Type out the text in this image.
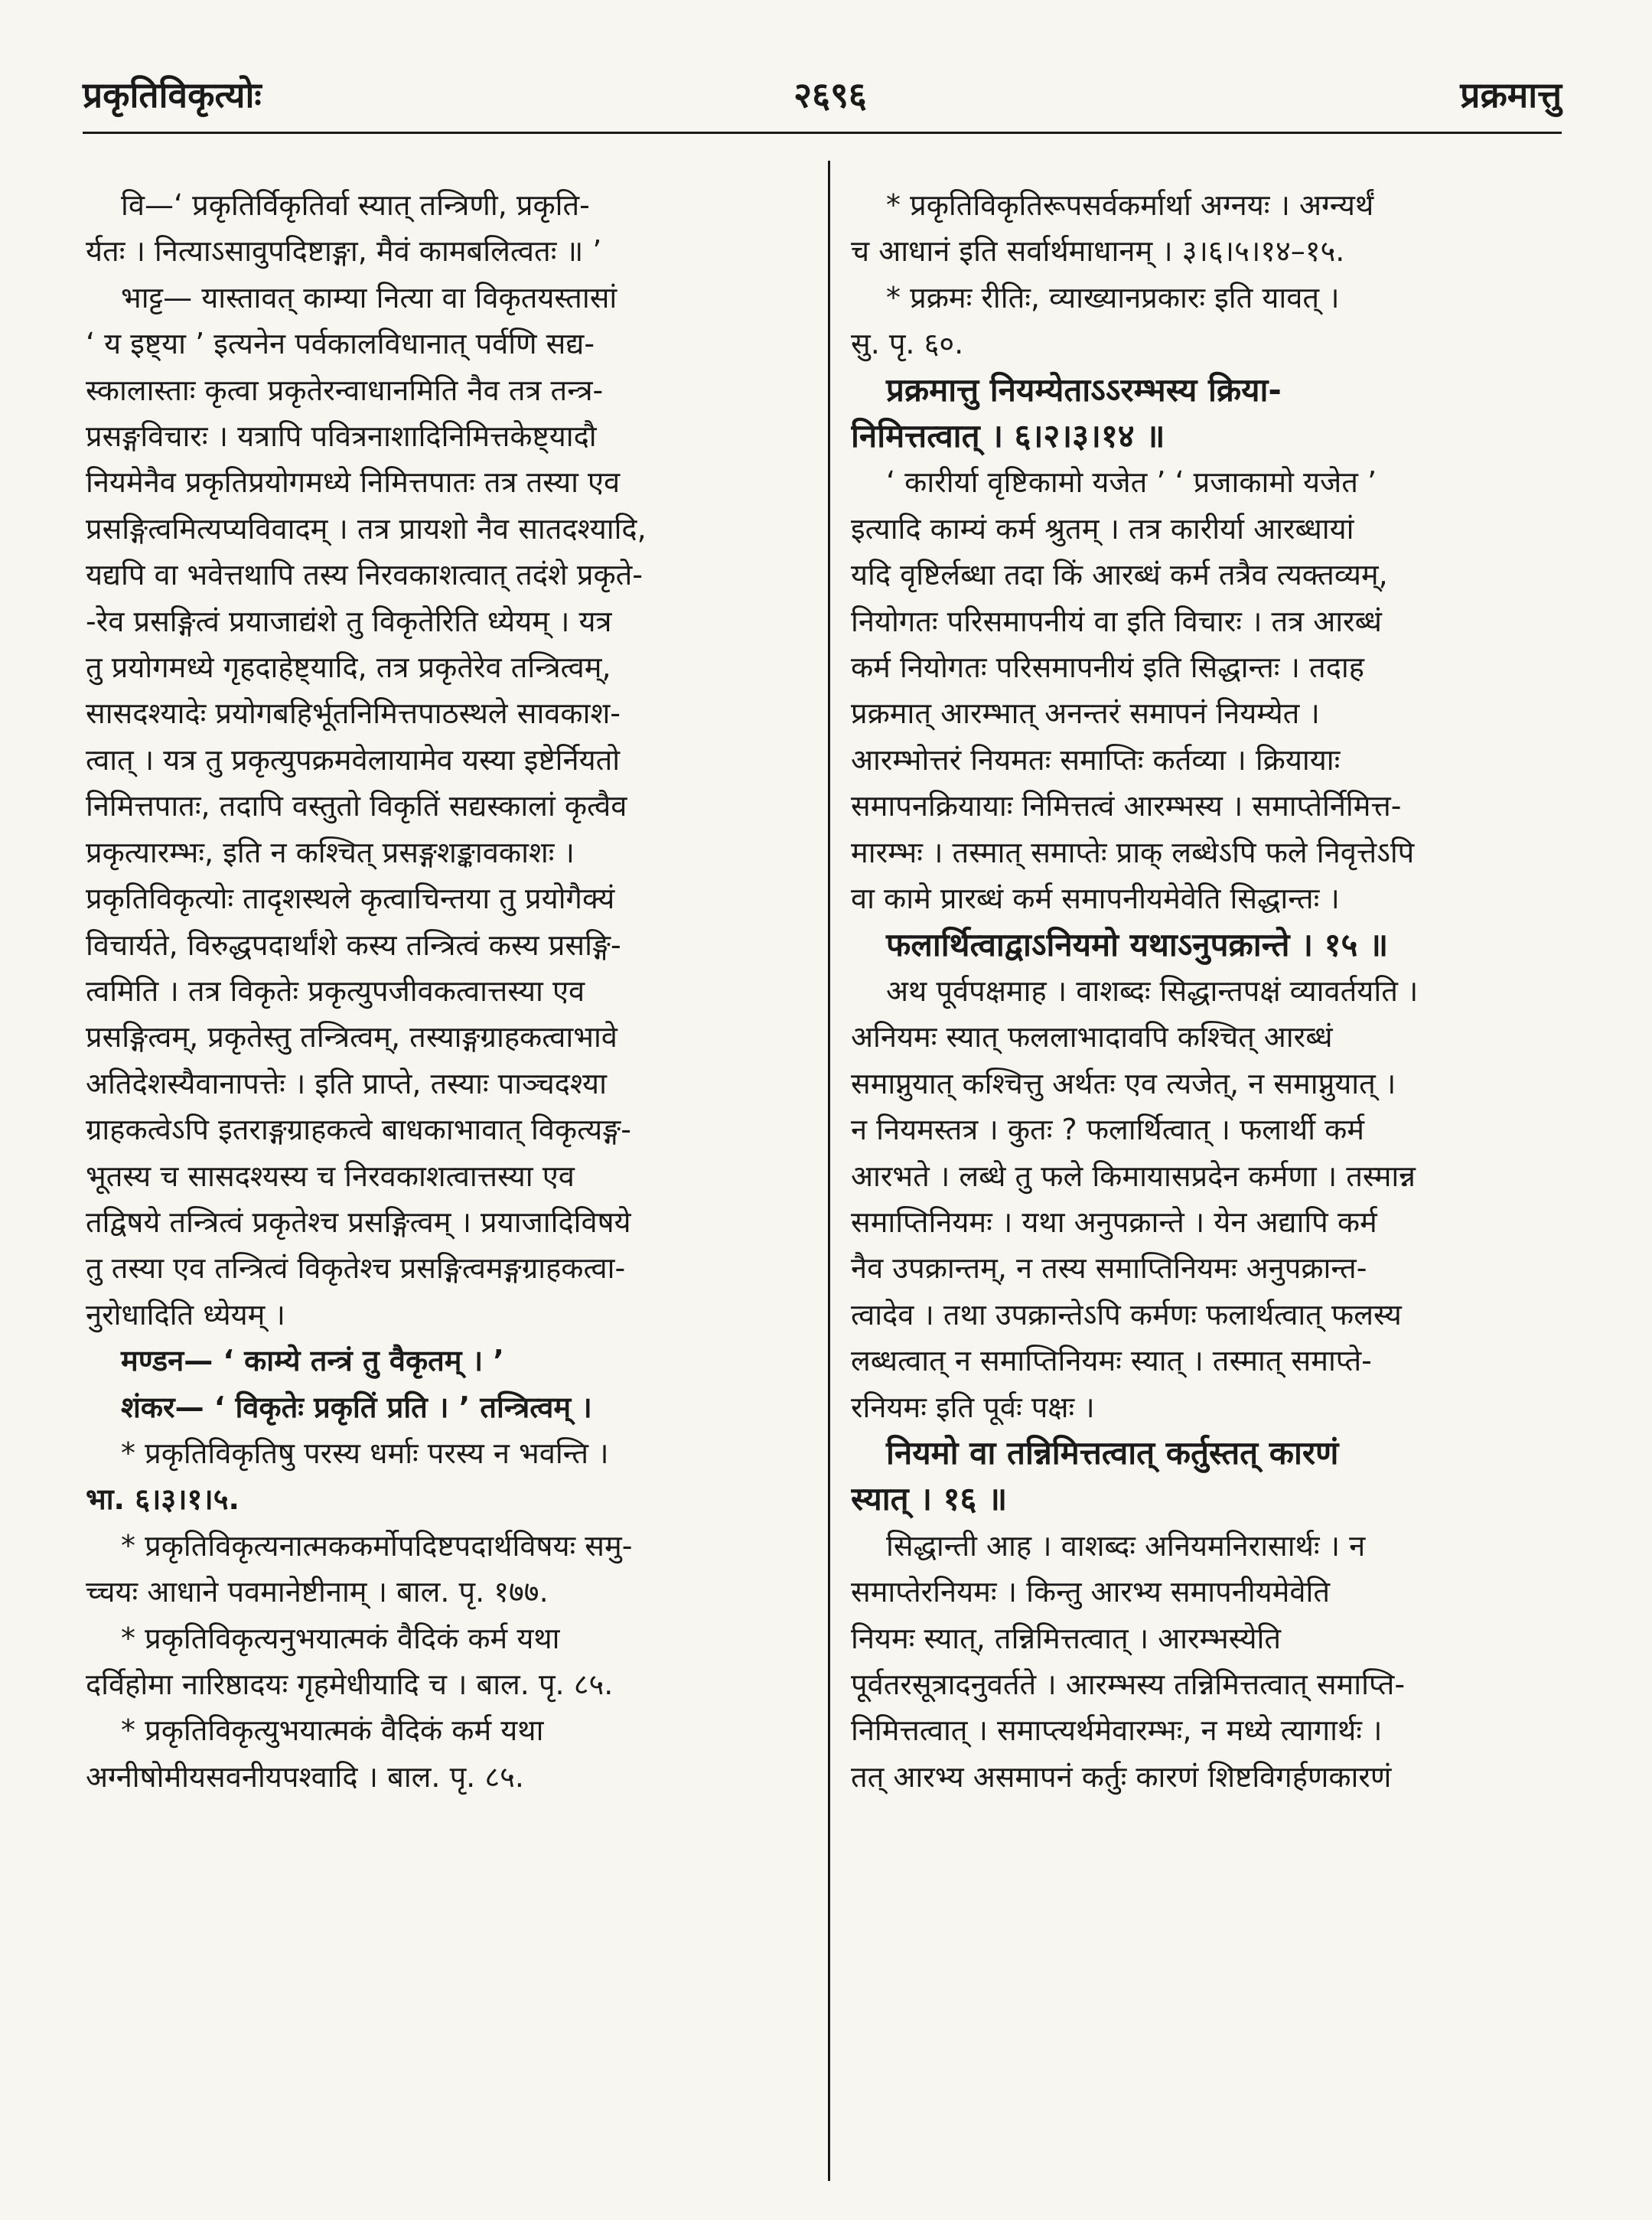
प्रकृतिविकृत्योः	२६९६	प्रक्रमात्तु

वि—‘ प्रकृतिर्विकृतिर्वा स्यात् तन्त्रिणी, प्रकृति-

र्यतः । नित्याऽसावुपदिष्टाङ्गा, मैवं कामबलित्वतः ॥ ’

भाट्ट— यास्तावत् काम्या नित्या वा विकृतयस्तासां

‘ य इष्ट्या ’ इत्यनेन पर्वकालविधानात् पर्वणि सद्य-

स्कालास्ताः कृत्वा प्रकृतेरन्वाधानमिति नैव तत्र तन्त्र-

प्रसङ्गविचारः । यत्रापि पवित्रनाशादिनिमित्तकेष्ट्यादौ

नियमेनैव प्रकृतिप्रयोगमध्ये निमित्तपातः तत्र तस्या एव

प्रसङ्गित्वमित्यप्यविवादम् । तत्र प्रायशो नैव सातदश्यादि,

यद्यपि वा भवेत्तथापि तस्य निरवकाशत्वात् तदंशे प्रकृते-

-रेव प्रसङ्गित्वं प्रयाजाद्यंशे तु विकृतेरिति ध्येयम् । यत्र

तु प्रयोगमध्ये गृहदाहेष्ट्यादि, तत्र प्रकृतेरेव तन्त्रित्वम्,

सासदश्यादेः प्रयोगबहिर्भूतनिमित्तपाठस्थले सावकाश-

त्वात् । यत्र तु प्रकृत्युपक्रमवेलायामेव यस्या इष्टेर्नियतो

निमित्तपातः, तदापि वस्तुतो विकृतिं सद्यस्कालां कृत्वैव

प्रकृत्यारम्भः, इति न कश्चित् प्रसङ्गशङ्कावकाशः ।

प्रकृतिविकृत्योः तादृशस्थले कृत्वाचिन्तया तु प्रयोगैक्यं

विचार्यते, विरुद्धपदार्थांशे कस्य तन्त्रित्वं कस्य प्रसङ्गि-

त्वमिति । तत्र विकृतेः प्रकृत्युपजीवकत्वात्तस्या एव

प्रसङ्गित्वम्, प्रकृतेस्तु तन्त्रित्वम्, तस्याङ्गग्राहकत्वाभावे

अतिदेशस्यैवानापत्तेः । इति प्राप्ते, तस्याः पाञ्चदश्या

ग्राहकत्वेऽपि इतराङ्गग्राहकत्वे बाधकाभावात् विकृत्यङ्ग-

भूतस्य च सासदश्यस्य च निरवकाशत्वात्तस्या एव

तद्विषये तन्त्रित्वं प्रकृतेश्च प्रसङ्गित्वम् । प्रयाजादिविषये

तु तस्या एव तन्त्रित्वं विकृतेश्च प्रसङ्गित्वमङ्गग्राहकत्वा-

नुरोधादिति ध्येयम् ।

मण्डन— ‘ काम्ये तन्त्रं तु वैकृतम् । ’

शंकर— ‘ विकृतेः प्रकृतिं प्रति । ’ तन्त्रित्वम् ।

* प्रकृतिविकृतिषु परस्य धर्माः परस्य न भवन्ति ।

भा. ६।३।१।५.

* प्रकृतिविकृत्यनात्मककर्मोपदिष्टपदार्थविषयः समु-

च्चयः आधाने पवमानेष्टीनाम् । बाल. पृ. १७७.

* प्रकृतिविकृत्यनुभयात्मकं वैदिकं कर्म यथा

दर्विहोमा नारिष्ठादयः गृहमेधीयादि च । बाल. पृ. ८५.

* प्रकृतिविकृत्युभयात्मकं वैदिकं कर्म यथा

अग्नीषोमीयसवनीयपश्वादि । बाल. पृ. ८५.

* प्रकृतिविकृतिरूपसर्वकर्मार्था अग्नयः । अग्न्यर्थं

च आधानं इति सर्वार्थमाधानम् । ३।६।५।१४–१५.

* प्रक्रमः रीतिः, व्याख्यानप्रकारः इति यावत् ।

सु. पृ. ६०.

प्रक्रमात्तु नियम्येताऽऽरम्भस्य क्रिया-

निमित्तत्वात् । ६।२।३।१४ ॥

‘ कारीर्या वृष्टिकामो यजेत ’ ‘ प्रजाकामो यजेत ’

इत्यादि काम्यं कर्म श्रुतम् । तत्र कारीर्या आरब्धायां

यदि वृष्टिर्लब्धा तदा किं आरब्धं कर्म तत्रैव त्यक्तव्यम्,

नियोगतः परिसमापनीयं वा इति विचारः । तत्र आरब्धं

कर्म नियोगतः परिसमापनीयं इति सिद्धान्तः । तदाह

प्रक्रमात् आरम्भात् अनन्तरं समापनं नियम्येत ।

आरम्भोत्तरं नियमतः समाप्तिः कर्तव्या । क्रियायाः

समापनक्रियायाः निमित्तत्वं आरम्भस्य । समाप्तेर्निमित्त-

मारम्भः । तस्मात् समाप्तेः प्राक् लब्धेऽपि फले निवृत्तेऽपि

वा कामे प्रारब्धं कर्म समापनीयमेवेति सिद्धान्तः ।

फलार्थित्वाद्वाऽनियमो यथाऽनुपक्रान्ते । १५ ॥

अथ पूर्वपक्षमाह । वाशब्दः सिद्धान्तपक्षं व्यावर्तयति ।

अनियमः स्यात् फललाभादावपि कश्चित् आरब्धं

समाप्नुयात् कश्चित्तु अर्थतः एव त्यजेत्, न समाप्नुयात् ।

न नियमस्तत्र । कुतः ? फलार्थित्वात् । फलार्थी कर्म

आरभते । लब्धे तु फले किमायासप्रदेन कर्मणा । तस्मान्न

समाप्तिनियमः । यथा अनुपक्रान्ते । येन अद्यापि कर्म

नैव उपक्रान्तम्, न तस्य समाप्तिनियमः अनुपक्रान्त-

त्वादेव । तथा उपक्रान्तेऽपि कर्मणः फलार्थत्वात् फलस्य

लब्धत्वात् न समाप्तिनियमः स्यात् । तस्मात् समाप्ते-

रनियमः इति पूर्वः पक्षः ।

नियमो वा तन्निमित्तत्वात् कर्तुस्तत् कारणं

स्यात् । १६ ॥

सिद्धान्ती आह । वाशब्दः अनियमनिरासार्थः । न

समाप्तेरनियमः । किन्तु आरभ्य समापनीयमेवेति

नियमः स्यात्, तन्निमित्तत्वात् । आरम्भस्येति

पूर्वतरसूत्रादनुवर्तते । आरम्भस्य तन्निमित्तत्वात् समाप्ति-

निमित्तत्वात् । समाप्त्यर्थमेवारम्भः, न मध्ये त्यागार्थः ।

तत् आरभ्य असमापनं कर्तुः कारणं शिष्टविगर्हणकारणं
